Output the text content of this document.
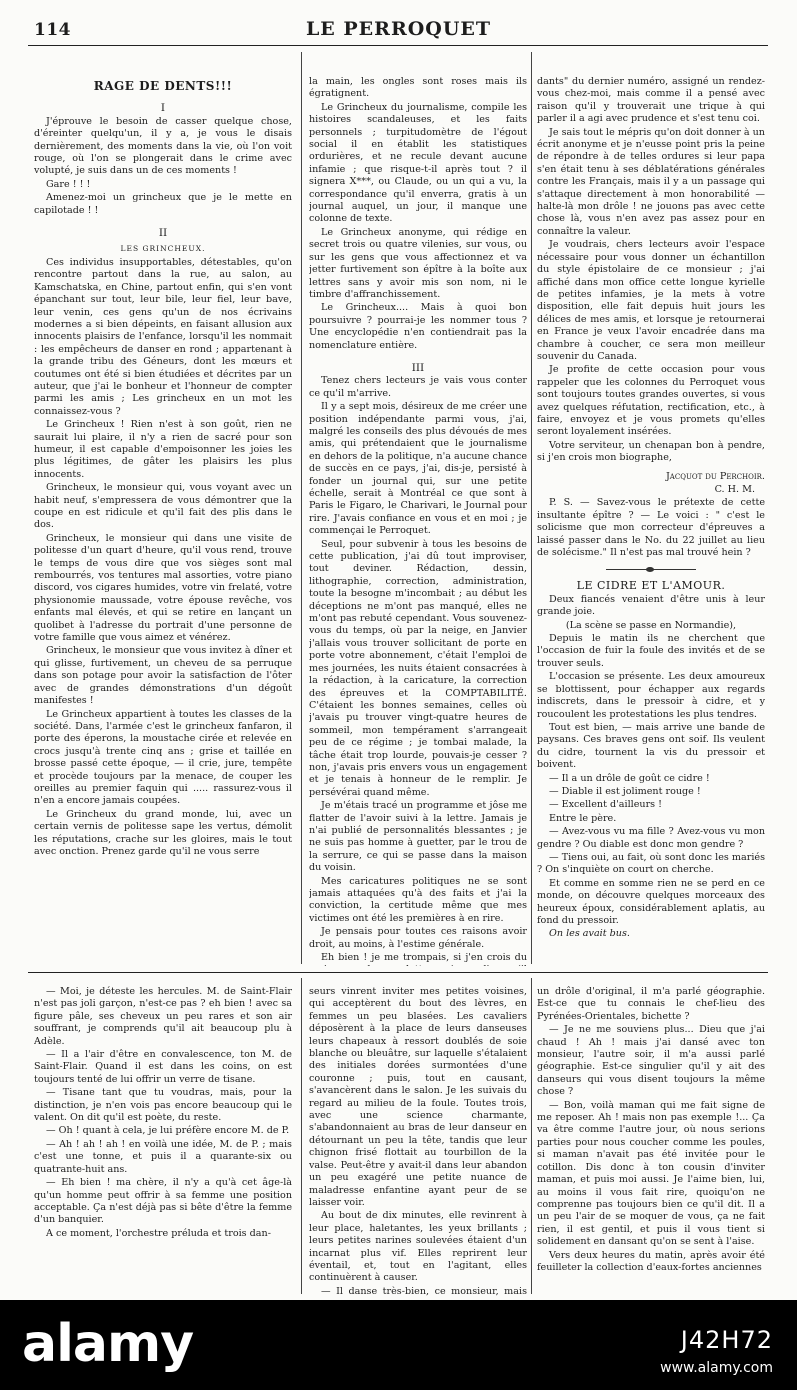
114	LE PERROQUET

RAGE DE DENTS!!!

I

J'éprouve le besoin de casser quelque chose, d'éreinter quelqu'un, il y a, je vous le disais dernièrement, des moments dans la vie, où l'on voit rouge, où l'on se plongerait dans le crime avec volupté, je suis dans un de ces moments !

Gare ! ! !

Amenez-moi un grincheux que je le mette en capilotade ! !

II

LES GRINCHEUX.

Ces individus insupportables, détestables, qu'on rencontre partout dans la rue, au salon, au Kamschatska, en Chine, partout enfin, qui s'en vont épanchant sur tout, leur bile, leur fiel, leur bave, leur venin, ces gens qu'un de nos écrivains modernes a si bien dépeints, en faisant allusion aux innocents plaisirs de l'enfance, lorsqu'il les nommait : les empêcheurs de danser en rond ; appartenant à la grande tribu des Géneurs, dont les mœurs et coutumes ont été si bien étudiées et décrites par un auteur, que j'ai le bonheur et l'honneur de compter parmi les amis ; Les grincheux en un mot les connaissez-vous ?

Le Grincheux ! Rien n'est à son goût, rien ne saurait lui plaire, il n'y a rien de sacré pour son humeur, il est capable d'empoisonner les joies les plus légitimes, de gâter les plaisirs les plus innocents.

Grincheux, le monsieur qui, vous voyant avec un habit neuf, s'empressera de vous démontrer que la coupe en est ridicule et qu'il fait des plis dans le dos.

Grincheux, le monsieur qui dans une visite de politesse d'un quart d'heure, qu'il vous rend, trouve le temps de vous dire que vos sièges sont mal rembourrés, vos tentures mal assorties, votre piano discord, vos cigares humides, votre vin frelaté, votre physionomie maussade, votre épouse revêche, vos enfants mal élevés, et qui se retire en lançant un quolibet à l'adresse du portrait d'une personne de votre famille que vous aimez et vénérez.

Grincheux, le monsieur que vous invitez à dîner et qui glisse, furtivement, un cheveu de sa perruque dans son potage pour avoir la satisfaction de l'ôter avec de grandes démonstrations d'un dégoût manifestes !

Le Grincheux appartient à toutes les classes de la société. Dans, l'armée c'est le grincheux fanfaron, il porte des éperons, la moustache cirée et relevée en crocs jusqu'à trente cinq ans ; grise et taillée en brosse passé cette époque, — il crie, jure, tempête et procède toujours par la menace, de couper les oreilles au premier faquin qui ..... rassurez-vous il n'en a encore jamais coupées.

Le Grincheux du grand monde, lui, avec un certain vernis de politesse sape les vertus, démolit les réputations, crache sur les gloires, mais le tout avec onction. Prenez garde qu'il ne vous serre

la main, les ongles sont roses mais ils égratignent.

Le Grincheux du journalisme, compile les histoires scandaleuses, et les faits personnels ; turpitudomètre de l'égout social il en établit les statistiques ordurières, et ne recule devant aucune infamie ; que risque-t-il après tout ? il signera X***, ou Claude, ou un qui a vu, la correspondance qu'il enverra, gratis à un journal auquel, un jour, il manque une colonne de texte.

Le Grincheux anonyme, qui rédige en secret trois ou quatre vilenies, sur vous, ou sur les gens que vous affectionnez et va jetter furtivement son épître à la boîte aux lettres sans y avoir mis son nom, ni le timbre d'affranchissement.

Le Grincheux.... Mais à quoi bon poursuivre ? pourrai-je les nommer tous ? Une encyclopédie n'en contiendrait pas la nomenclature entière.

III

Tenez chers lecteurs je vais vous conter ce qu'il m'arrive.

Il y a sept mois, désireux de me créer une position indépendante parmi vous, j'ai, malgré les conseils des plus dévoués de mes amis, qui prétendaient que le journalisme en dehors de la politique, n'a aucune chance de succès en ce pays, j'ai, dis-je, persisté à fonder un journal qui, sur une petite échelle, serait à Montréal ce que sont à Paris le Figaro, le Charivari, le Journal pour rire. J'avais confiance en vous et en moi ; je commençai le Perroquet.

Seul, pour subvenir à tous les besoins de cette publication, j'ai dû tout improviser, tout deviner. Rédaction, dessin, lithographie, correction, administration, toute la besogne m'incombait ; au début les déceptions ne m'ont pas manqué, elles ne m'ont pas rebuté cependant. Vous souvenez-vous du temps, où par la neige, en Janvier j'allais vous trouver sollicitant de porte en porte votre abonnement, c'était l'emploi de mes journées, les nuits étaient consacrées à la rédaction, à la caricature, la correction des épreuves et la COMPTABILITÉ. C'étaient les bonnes semaines, celles où j'avais pu trouver vingt-quatre heures de sommeil, mon tempérament s'arrangeait peu de ce régime ; je tombai malade, la tâche était trop lourde, pouvais-je cesser ? non, j'avais pris envers vous un engagement et je tenais à honneur de le remplir. Je persévérai quand même.

Je m'étais tracé un programme et jôse me flatter de l'avoir suivi à la lettre. Jamais je n'ai publié de personnalités blessantes ; je ne suis pas homme à guetter, par le trou de la serrure, ce qui se passe dans la maison du voisin.

Mes caricatures politiques ne se sont jamais attaquées qu'à des faits et j'ai la conviction, la certitude même que mes victimes ont été les premières à en rire.

Je pensais pour toutes ces raisons avoir droit, au moins, à l'estime générale.

Eh bien ! je me trompais, si j'en crois du

dants" du dernier numéro, assigné un rendez-vous chez-moi, mais comme il a pensé avec raison qu'il y trouverait une trique à qui parler il a agi avec prudence et s'est tenu coi.

Je sais tout le mépris qu'on doit donner à un écrit anonyme et je n'eusse point pris la peine de répondre à de telles ordures si leur papa s'en était tenu à ses déblatérations générales contre les Français, mais il y a un passage qui s'attaque directement à mon honorabilité — halte-là mon drôle ! ne jouons pas avec cette chose là, vous n'en avez pas assez pour en connaître la valeur.

Je voudrais, chers lecteurs avoir l'espace nécessaire pour vous donner un échantillon du style épistolaire de ce monsieur ; j'ai affiché dans mon office cette longue kyrielle de petites infamies, je la mets à votre disposition, elle fait depuis huit jours les délices de mes amis, et lorsque je retournerai en France je veux l'avoir encadrée dans ma chambre à coucher, ce sera mon meilleur souvenir du Canada.

Je profite de cette occasion pour vous rappeler que les colonnes du Perroquet vous sont toujours toutes grandes ouvertes, si vous avez quelques réfutation, rectification, etc., à faire, envoyez et je vous promets qu'elles seront loyalement insérées.

Votre serviteur, un chenapan bon à pendre, si j'en crois mon biographe,

Jacquot du Perchoir.

C. H. M.

P. S. — Savez-vous le prétexte de cette insultante épître ? — Le voici : " c'est le solicisme que mon correcteur d'épreuves a laissé passer dans le No. du 22 juillet au lieu de solécisme." Il n'est pas mal trouvé hein ?

LE CIDRE ET L'AMOUR.

Deux fiancés venaient d'être unis à leur grande joie.

(La scène se passe en Normandie),

Depuis le matin ils ne cherchent que l'occasion de fuir la foule des invités et de se trouver seuls.

L'occasion se présente. Les deux amoureux se blottissent, pour échapper aux regards indiscrets, dans le pressoir à cidre, et y roucoulent les protestations les plus tendres.

Tout est bien, — mais arrive une bande de paysans. Ces braves gens ont soif. Ils veulent du cidre, tournent la vis du pressoir et boivent.

— Il a un drôle de goût ce cidre !

— Diable il est joliment rouge !

— Excellent d'ailleurs !

Entre le père.

— Avez-vous vu ma fille ? Avez-vous vu mon gendre ? Ou diable est donc mon gendre ?

— Tiens oui, au fait, où sont donc les mariés ? On s'inquiète on court on cherche.

Et comme en somme rien ne se perd en ce monde, on découvre quelques morceaux des heureux époux, considérablement aplatis, au fond du pressoir.

On les avait bus.

— Moi, je déteste les hercules. M. de Saint-Flair n'est pas joli garçon, n'est-ce pas ? eh bien ! avec sa figure pâle, ses cheveux un peu rares et son air souffrant, je comprends qu'il ait beaucoup plu à Adèle.

— Il a l'air d'être en convalescence, ton M. de Saint-Flair. Quand il est dans les coins, on est toujours tenté de lui offrir un verre de tisane.

— Tisane tant que tu voudras, mais, pour la distinction, je n'en vois pas encore beaucoup qui le valent. On dit qu'il est poète, du reste.

— Oh ! quant à cela, je lui préfère encore M. de P.

— Ah ! ah ! ah ! en voilà une idée, M. de P. ; mais c'est une tonne, et puis il a quarante-six ou quatrante-huit ans.

— Eh bien ! ma chère, il n'y a qu'à cet âge-là qu'un homme peut offrir à sa femme une position acceptable. Ça n'est déjà pas si bête d'être la femme d'un banquier.

A ce moment, l'orchestre préluda et trois dan-

seurs vinrent inviter mes petites voisines, qui acceptèrent du bout des lèvres, en femmes un peu blasées. Les cavaliers déposèrent à la place de leurs danseuses leurs chapeaux à ressort doublés de soie blanche ou bleuâtre, sur laquelle s'étalaient des initiales dorées surmontées d'une couronne ; puis, tout en causant, s'avancèrent dans le salon. Je les suivais du regard au milieu de la foule. Toutes trois, avec une science charmante, s'abandonnaient au bras de leur danseur en détournant un peu la tête, tandis que leur chignon frisé flottait au tourbillon de la valse. Peut-être y avait-il dans leur abandon un peu exagéré une petite nuance de maladresse enfantine ayant peur de se laisser voir.

Au bout de dix minutes, elle revinrent à leur place, haletantes, les yeux brillants ; leurs petites narines soulevées étaient d'un incarnat plus vif. Elles reprirent leur éventail, et, tout en l'agitant, elles continuèrent à causer.

— Il danse très-bien, ce monsieur, mais

un drôle d'original, il m'a parlé géographie. Est-ce que tu connais le chef-lieu des Pyrénées-Orientales, bichette ?

— Je ne me souviens plus... Dieu que j'ai chaud ! Ah ! mais j'ai dansé avec ton monsieur, l'autre soir, il m'a aussi parlé géographie. Est-ce singulier qu'il y ait des danseurs qui vous disent toujours la même chose ?

— Bon, voilà maman qui me fait signe de me reposer. Ah ! mais non pas exemple !... Ça va être comme l'autre jour, où nous serions parties pour nous coucher comme les poules, si maman n'avait pas été invitée pour le cotillon. Dis donc à ton cousin d'inviter maman, et puis moi aussi. Je l'aime bien, lui, au moins il vous fait rire, quoiqu'on ne comprenne pas toujours bien ce qu'il dit. Il a un peu l'air de se moquer de vous, ça ne fait rien, il est gentil, et puis il vous tient si solidement en dansant qu'on se sent à l'aise.

Vers deux heures du matin, après avoir été feuilleter la collection d'eaux-fortes anciennes

alamy	J42H72
www.alamy.com
